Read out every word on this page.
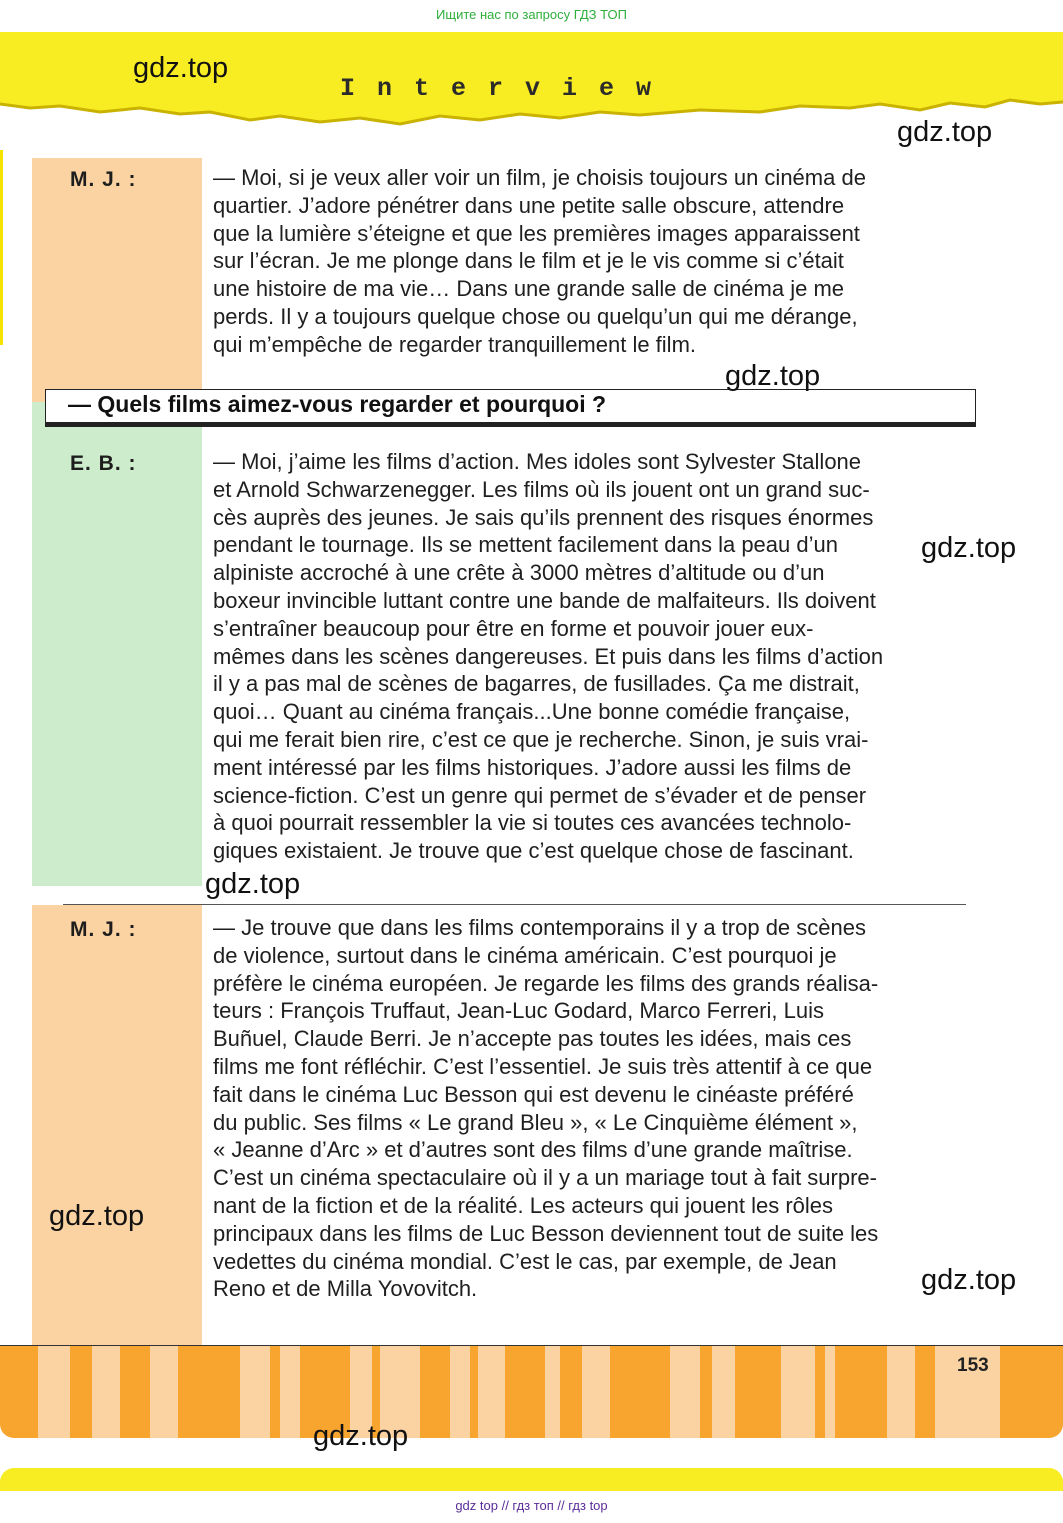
Ищите нас по запросу ГДЗ ТОП
Interview
M. J. :	— Moi, si je veux aller voir un film, je choisis toujours un cinéma de
quartier. J’adore pénétrer dans une petite salle obscure, attendre
que la lumière s’éteigne et que les premières images apparaissent
sur l’écran. Je me plonge dans le film et je le vis comme si c’était
une histoire de ma vie… Dans une grande salle de cinéma je me
perds. Il y a toujours quelque chose ou quelqu’un qui me dérange,
qui m’empêche de regarder tranquillement le film.
— Quels films aimez-vous regarder et pourquoi ?
E. B. :	— Moi, j’aime les films d’action. Mes idoles sont Sylvester Stallone
et Arnold Schwarzenegger. Les films où ils jouent ont un grand suc-
cès auprès des jeunes. Je sais qu’ils prennent des risques énormes
pendant le tournage. Ils se mettent facilement dans la peau d’un
alpiniste accroché à une crête à 3000 mètres d’altitude ou d’un
boxeur invincible luttant contre une bande de malfaiteurs. Ils doivent
s’entraîner beaucoup pour être en forme et pouvoir jouer eux-
mêmes dans les scènes dangereuses. Et puis dans les films d’action
il y a pas mal de scènes de bagarres, de fusillades. Ça me distrait,
quoi… Quant au cinéma français...Une bonne comédie française,
qui me ferait bien rire, c’est ce que je recherche. Sinon, je suis vrai-
ment intéressé par les films historiques. J’adore aussi les films de
science-fiction. C’est un genre qui permet de s’évader et de penser
à quoi pourrait ressembler la vie si toutes ces avancées technolo-
giques existaient. Je trouve que c’est quelque chose de fascinant.
M. J. :	— Je trouve que dans les films contemporains il y a trop de scènes
de violence, surtout dans le cinéma américain. C’est pourquoi je
préfère le cinéma européen. Je regarde les films des grands réalisa-
teurs : François Truffaut, Jean-Luc Godard, Marco Ferreri, Luis
Buñuel, Claude Berri. Je n’accepte pas toutes les idées, mais ces
films me font réfléchir. C’est l’essentiel. Je suis très attentif à ce que
fait dans le cinéma Luc Besson qui est devenu le cinéaste préféré
du public. Ses films « Le grand Bleu », « Le Cinquième élément »,
« Jeanne d’Arc » et d’autres sont des films d’une grande maîtrise.
C’est un cinéma spectaculaire où il y a un mariage tout à fait surpre-
nant de la fiction et de la réalité. Les acteurs qui jouent les rôles
principaux dans les films de Luc Besson deviennent tout de suite les
vedettes du cinéma mondial. C’est le cas, par exemple, de Jean
Reno et de Milla Yovovitch.
153
gdz top // гдз топ // гдз top
gdz.top
gdz.top
gdz.top
gdz.top
gdz.top
gdz.top
gdz.top
gdz.top
